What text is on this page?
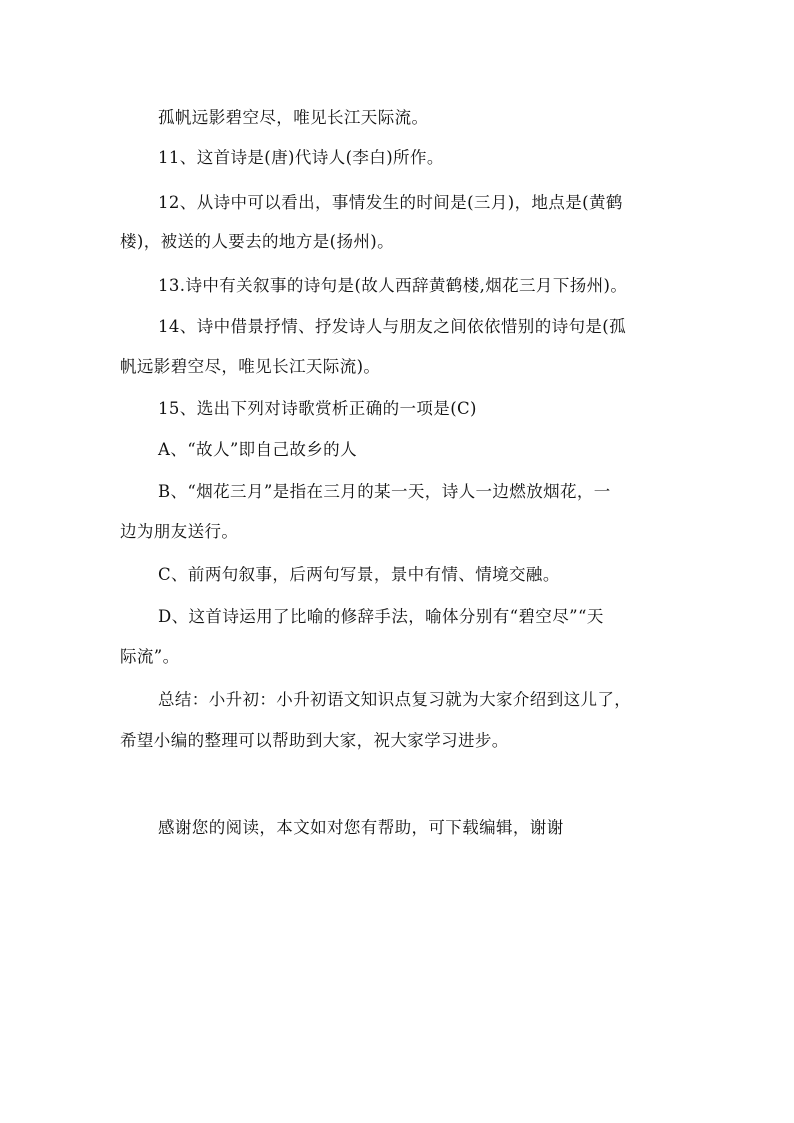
孤帆远影碧空尽，唯见长江天际流。
11、这首诗是(唐)代诗人(李白)所作。
12、从诗中可以看出，事情发生的时间是(三月)，地点是(黄鹤
楼)，被送的人要去的地方是(扬州)。
13.诗中有关叙事的诗句是(故人西辞黄鹤楼,烟花三月下扬州)。
14、诗中借景抒情、抒发诗人与朋友之间依依惜别的诗句是(孤
帆远影碧空尽，唯见长江天际流)。
15、选出下列对诗歌赏析正确的一项是(C)
A、“故人”即自己故乡的人
B、“烟花三月”是指在三月的某一天，诗人一边燃放烟花，一
边为朋友送行。
C、前两句叙事，后两句写景，景中有情、情境交融。
D、这首诗运用了比喻的修辞手法，喻体分别有“碧空尽”“天
际流”。
总结：小升初：小升初语文知识点复习就为大家介绍到这儿了，
希望小编的整理可以帮助到大家，祝大家学习进步。
感谢您的阅读，本文如对您有帮助，可下载编辑，谢谢
